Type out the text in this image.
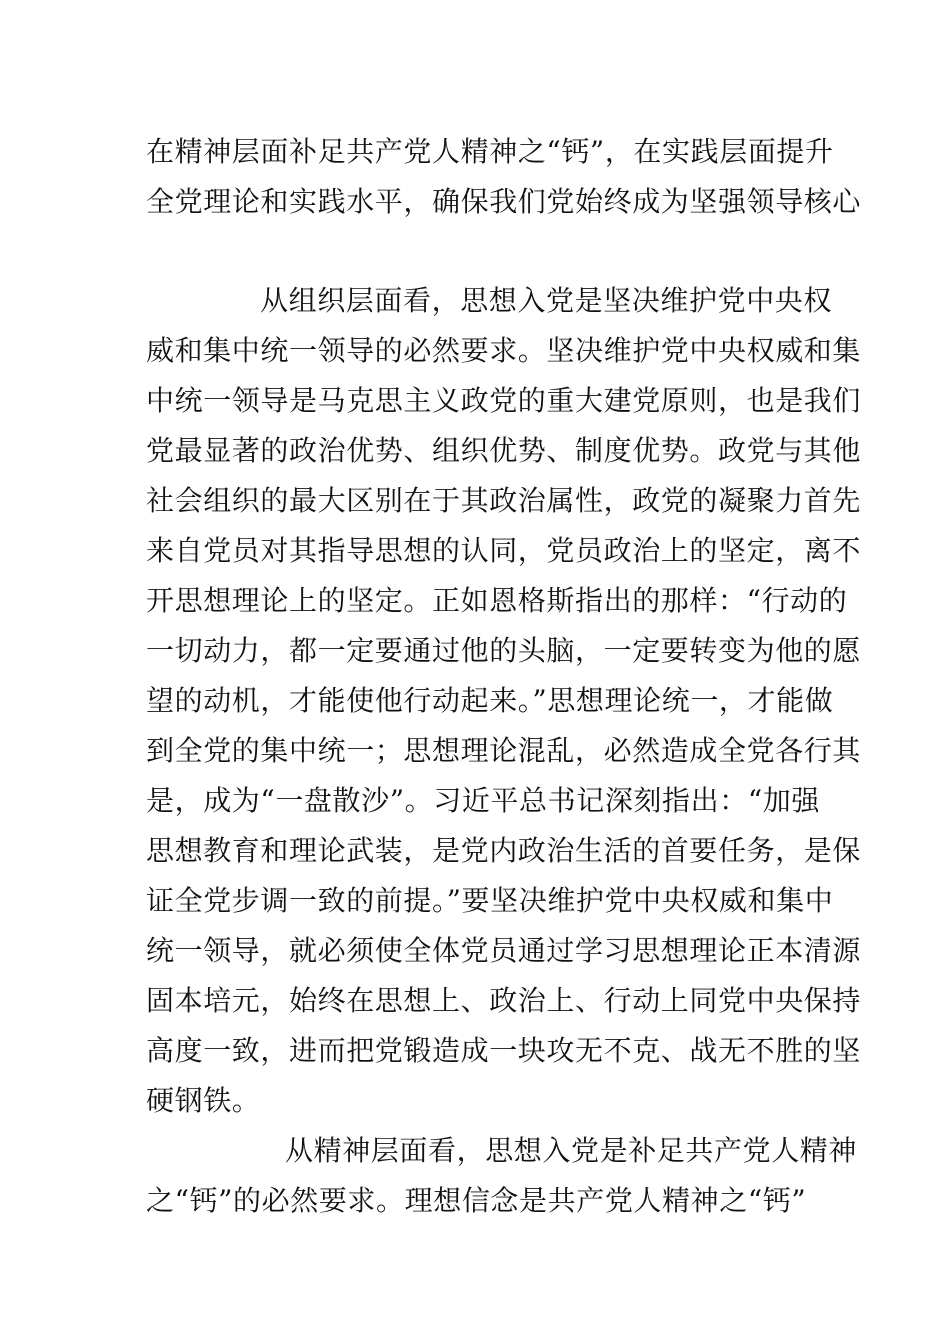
在精神层面补足共产党人精神之“钙”，在实践层面提升
全党理论和实践水平，确保我们党始终成为坚强领导核心
从组织层面看，思想入党是坚决维护党中央权
威和集中统一领导的必然要求。坚决维护党中央权威和集
中统一领导是马克思主义政党的重大建党原则，也是我们
党最显著的政治优势、组织优势、制度优势。政党与其他
社会组织的最大区别在于其政治属性，政党的凝聚力首先
来自党员对其指导思想的认同，党员政治上的坚定，离不
开思想理论上的坚定。正如恩格斯指出的那样：“行动的
一切动力，都一定要通过他的头脑，一定要转变为他的愿
望的动机，才能使他行动起来。”思想理论统一，才能做
到全党的集中统一；思想理论混乱，必然造成全党各行其
是，成为“一盘散沙”。习近平总书记深刻指出：“加强
思想教育和理论武装，是党内政治生活的首要任务，是保
证全党步调一致的前提。”要坚决维护党中央权威和集中
统一领导，就必须使全体党员通过学习思想理论正本清源
固本培元，始终在思想上、政治上、行动上同党中央保持
高度一致，进而把党锻造成一块攻无不克、战无不胜的坚
硬钢铁。
从精神层面看，思想入党是补足共产党人精神
之“钙”的必然要求。理想信念是共产党人精神之“钙”
